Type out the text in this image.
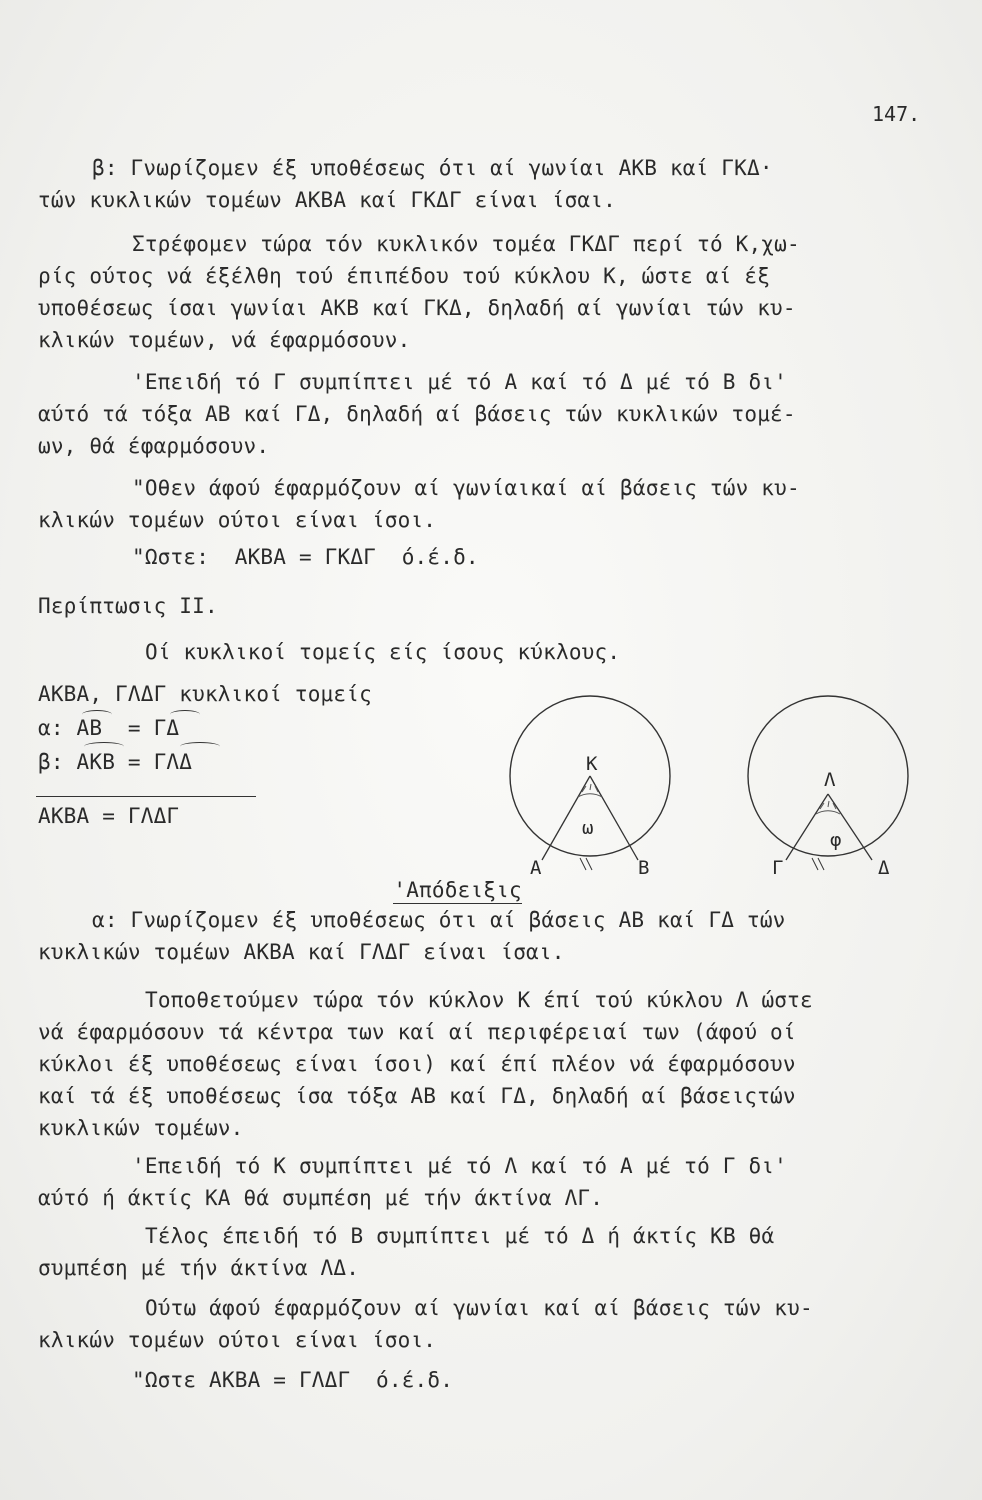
147.
β: Γνωρίζομεν έξ υποθέσεως ότι αί γωνίαι ΑΚΒ καί ΓΚΔ·
τών κυκλικών τομέων ΑΚΒΑ καί ΓΚΔΓ είναι ίσαι.
Στρέφομεν τώρα τόν κυκλικόν τομέα ΓΚΔΓ περί τό Κ,χω-
ρίς ούτος νά έξέλθη τού έπιπέδου τού κύκλου Κ, ώστε αί έξ
υποθέσεως ίσαι γωνίαι ΑΚΒ καί ΓΚΔ, δηλαδή αί γωνίαι τών κυ-
κλικών τομέων, νά έφαρμόσουν.
'Επειδή τό Γ συμπίπτει μέ τό Α καί τό Δ μέ τό Β δι'
αύτό τά τόξα ΑΒ καί ΓΔ, δηλαδή αί βάσεις τών κυκλικών τομέ-
ων, θά έφαρμόσουν.
"Οθεν άφού έφαρμόζουν αί γωνίαικαί αί βάσεις τών κυ-
κλικών τομέων ούτοι είναι ίσοι.
"Ωστε:  ΑΚΒΑ = ΓΚΔΓ  ό.έ.δ.
Περίπτωσις ΙΙ.
Οί κυκλικοί τομείς είς ίσους κύκλους.
ΑΚΒΑ, ΓΛΔΓ κυκλικοί τομείς
α: ΑΒ  = ΓΔ
β: ΑΚΒ = ΓΛΔ
ΑΚΒΑ = ΓΛΔΓ

'Απόδειξις

Κ
ω
Α	Β
Λ
φ
Γ	Δ
α: Γνωρίζομεν έξ υποθέσεως ότι αί βάσεις ΑΒ καί ΓΔ τών
κυκλικών τομέων ΑΚΒΑ καί ΓΛΔΓ είναι ίσαι.
Τοποθετούμεν τώρα τόν κύκλον Κ έπί τού κύκλου Λ ώστε
νά έφαρμόσουν τά κέντρα των καί αί περιφέρειαί των (άφού οί
κύκλοι έξ υποθέσεως είναι ίσοι) καί έπί πλέον νά έφαρμόσουν
καί τά έξ υποθέσεως ίσα τόξα ΑΒ καί ΓΔ, δηλαδή αί βάσειςτών
κυκλικών τομέων.
'Επειδή τό Κ συμπίπτει μέ τό Λ καί τό Α μέ τό Γ δι'
αύτό ή άκτίς ΚΑ θά συμπέση μέ τήν άκτίνα ΛΓ.
Τέλος έπειδή τό Β συμπίπτει μέ τό Δ ή άκτίς ΚΒ θά
συμπέση μέ τήν άκτίνα ΛΔ.
Ούτω άφού έφαρμόζουν αί γωνίαι καί αί βάσεις τών κυ-
κλικών τομέων ούτοι είναι ίσοι.
"Ωστε ΑΚΒΑ = ΓΛΔΓ  ό.έ.δ.
